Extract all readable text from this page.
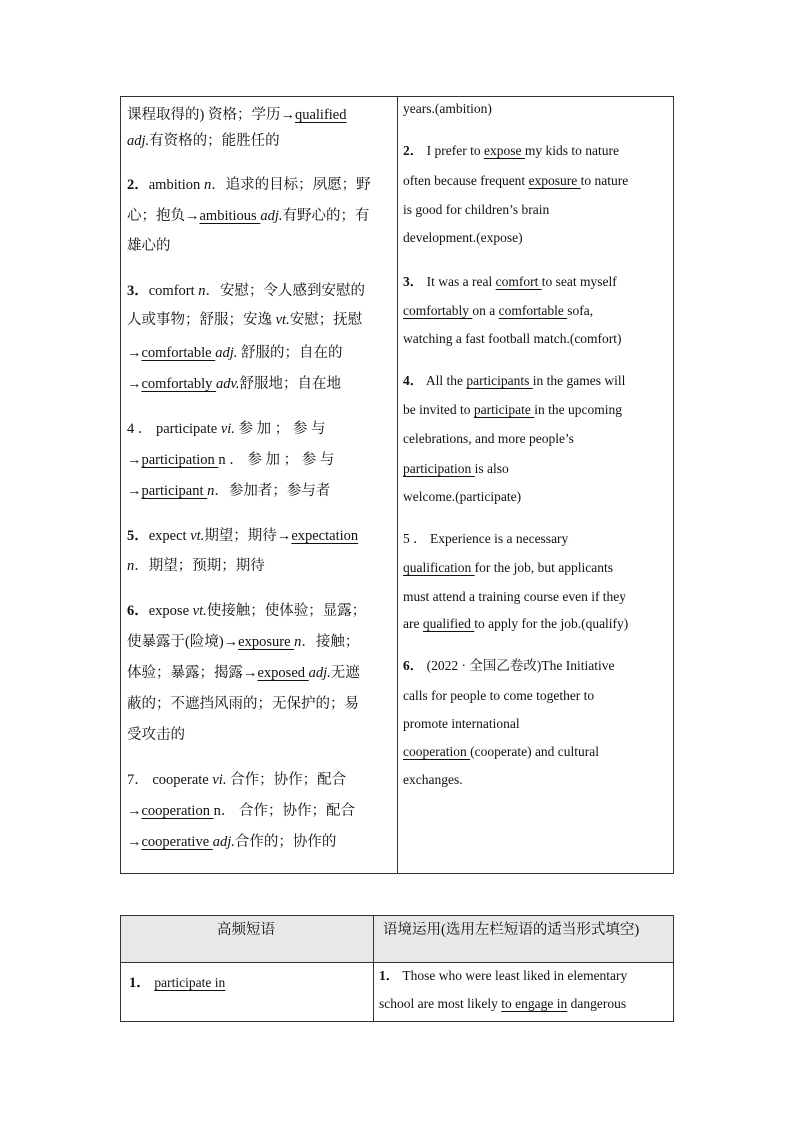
课程取得的) 资格；学历→qualified
adj.有资格的；能胜任的
2．ambition n．追求的目标；夙愿；野
心；抱负→ambitious adj.有野心的；有
雄心的
3．comfort n．安慰；令人感到安慰的
人或事物；舒服；安逸 vt.安慰；抚慰
→comfortable adj. 舒服的；自在的
→comfortably adv.舒服地；自在地
4 ． participate vi. 参 加 ； 参 与
→participation n ． 参 加 ； 参 与
→participant n．参加者；参与者
5．expect vt.期望；期待→expectation
n．期望；预期；期待
6．expose vt.使接触；使体验；显露；
使暴露于(险境)→exposure n．接触；
体验；暴露；揭露→exposed adj.无遮
蔽的；不遮挡风雨的；无保护的；易
受攻击的
7． cooperate vi. 合作；协作；配合
→cooperation n． 合作；协作；配合
→cooperative adj.合作的；协作的
years.(ambition)
2． I prefer to expose my kids to nature
often because frequent exposure to nature
is good for children’s brain
development.(expose)
3． It was a real comfort to seat myself
comfortably on a comfortable sofa,
watching a fast football match.(comfort)
4． All the participants in the games will
be invited to participate in the upcoming
celebrations, and more people’s
participation is also
welcome.(participate)
5 ． Experience is a necessary
qualification for the job, but applicants
must attend a training course even if they
are qualified to apply for the job.(qualify)
6． (2022 · 全国乙卷改)The Initiative
calls for people to come together to
promote international
cooperation (cooperate) and cultural
exchanges.
高频短语	语境运用(选用左栏短语的适当形式填空)
1． participate in	1． Those who were least liked in elementary
school are most likely to engage in dangerous
